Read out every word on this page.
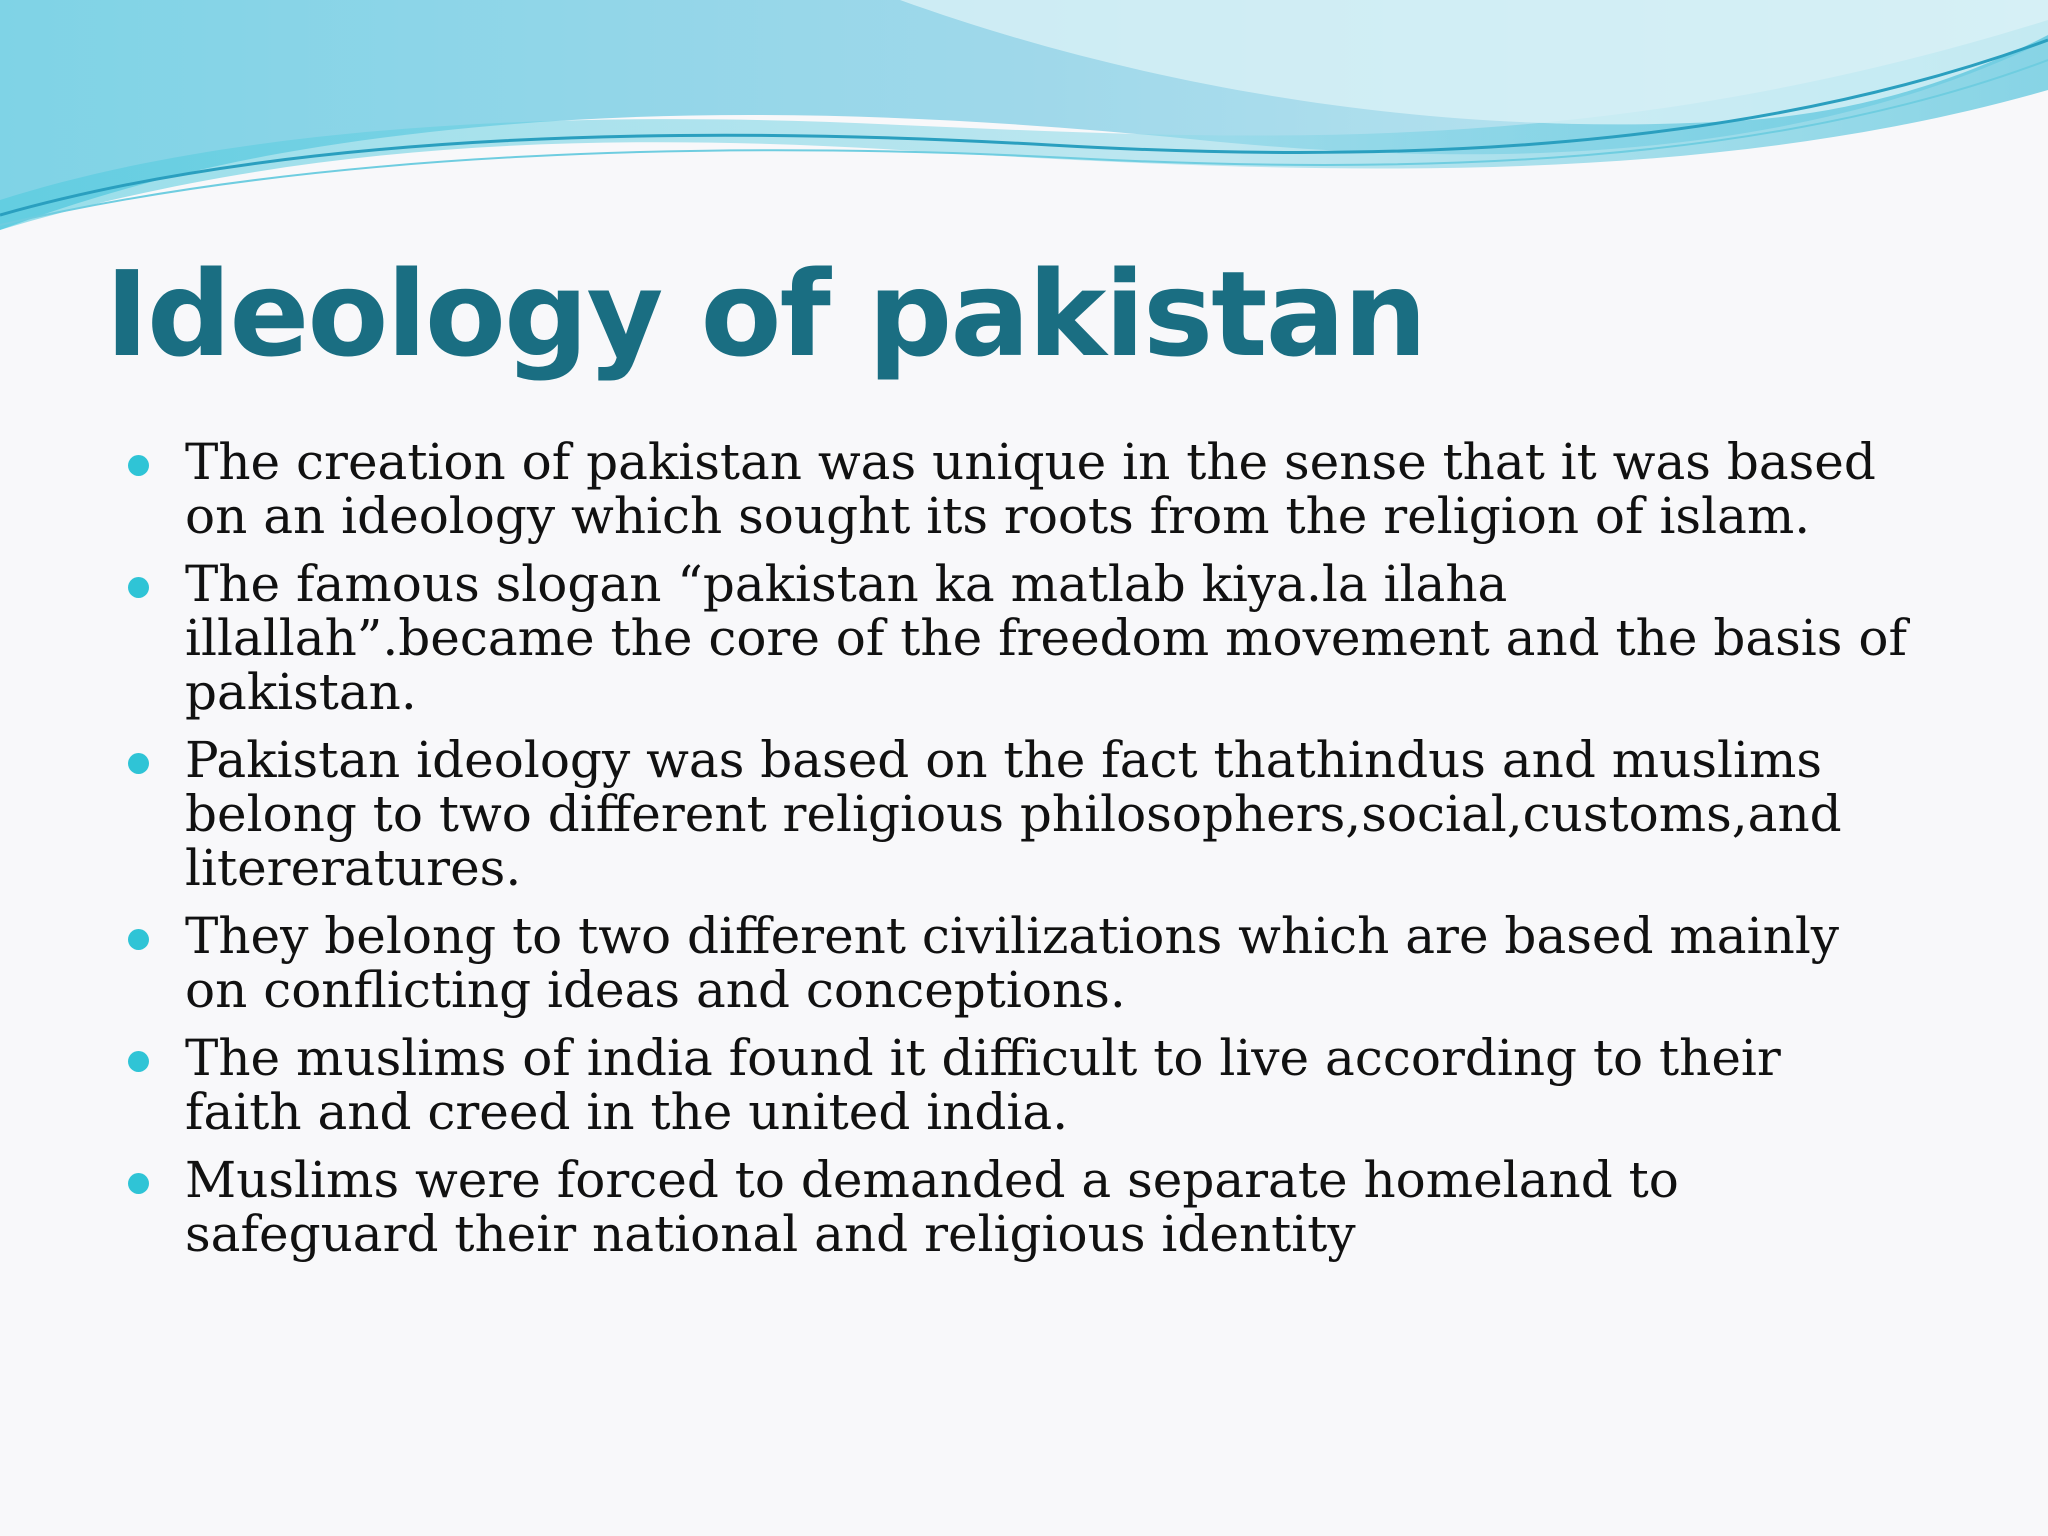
Ideology of pakistan
The creation of pakistan was unique in the sense that it was based on an ideology which sought its roots from the religion of islam.
The famous slogan “pakistan ka matlab kiya.la ilaha illallah”.became the core of the freedom movement and the basis of pakistan.
Pakistan ideology was based on the fact thathindus and muslims belong to two different religious philosophers,social,customs,and litereratures.
They belong to two different civilizations which are based mainly on conflicting ideas and conceptions.
The muslims of india found it difficult to live according to their faith and creed in the united india.
Muslims were forced to demanded a separate homeland to safeguard their national and religious identity
